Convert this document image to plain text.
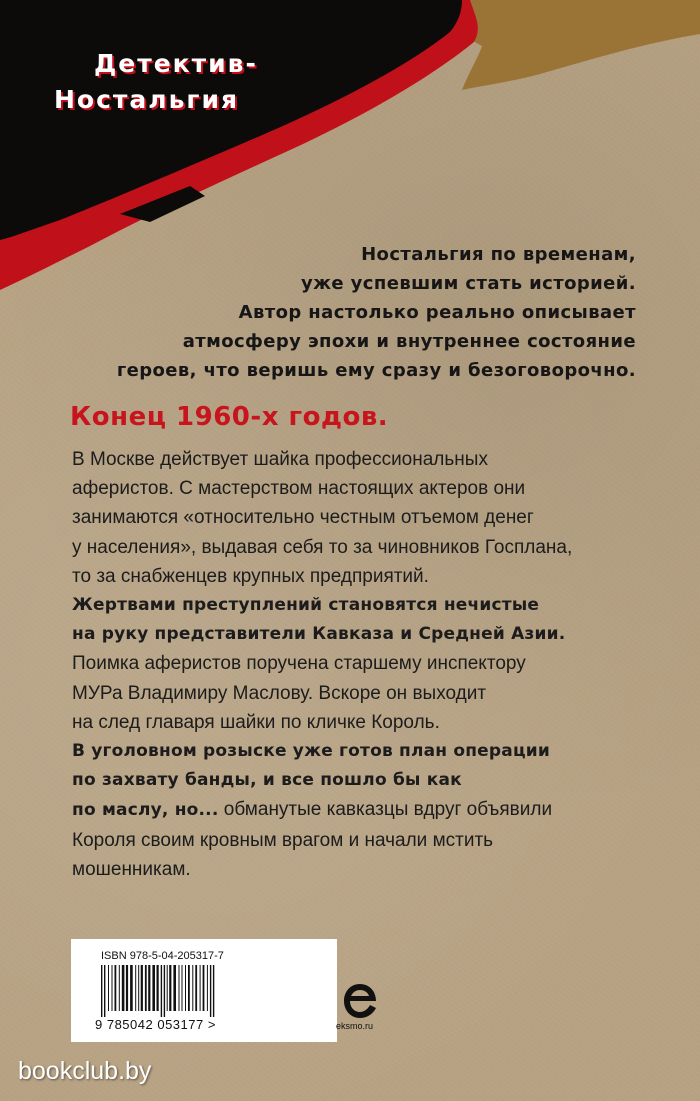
Детектив-
Ностальгия
Ностальгия по временам,
уже успевшим стать историей.
Автор настолько реально описывает
атмосферу эпохи и внутреннее состояние
героев, что веришь ему сразу и безоговорочно.
Конец 1960-х годов.
В Москве действует шайка профессиональных
аферистов. С мастерством настоящих актеров они
занимаются «относительно честным отъемом денег
у населения», выдавая себя то за чиновников Госплана,
то за снабженцев крупных предприятий.
Жертвами преступлений становятся нечистые
на руку представители Кавказа и Средней Азии.
Поимка аферистов поручена старшему инспектору
МУРа Владимиру Маслову. Вскоре он выходит
на след главаря шайки по кличке Король.
В уголовном розыске уже готов план операции
по захвату банды, и все пошло бы как
по маслу, но... обманутые кавказцы вдруг объявили
Короля своим кровным врагом и начали мстить
мошенникам.
ISBN 978-5-04-205317-7
9 785042 053177 >	eksmo.ru
bookclub.by
